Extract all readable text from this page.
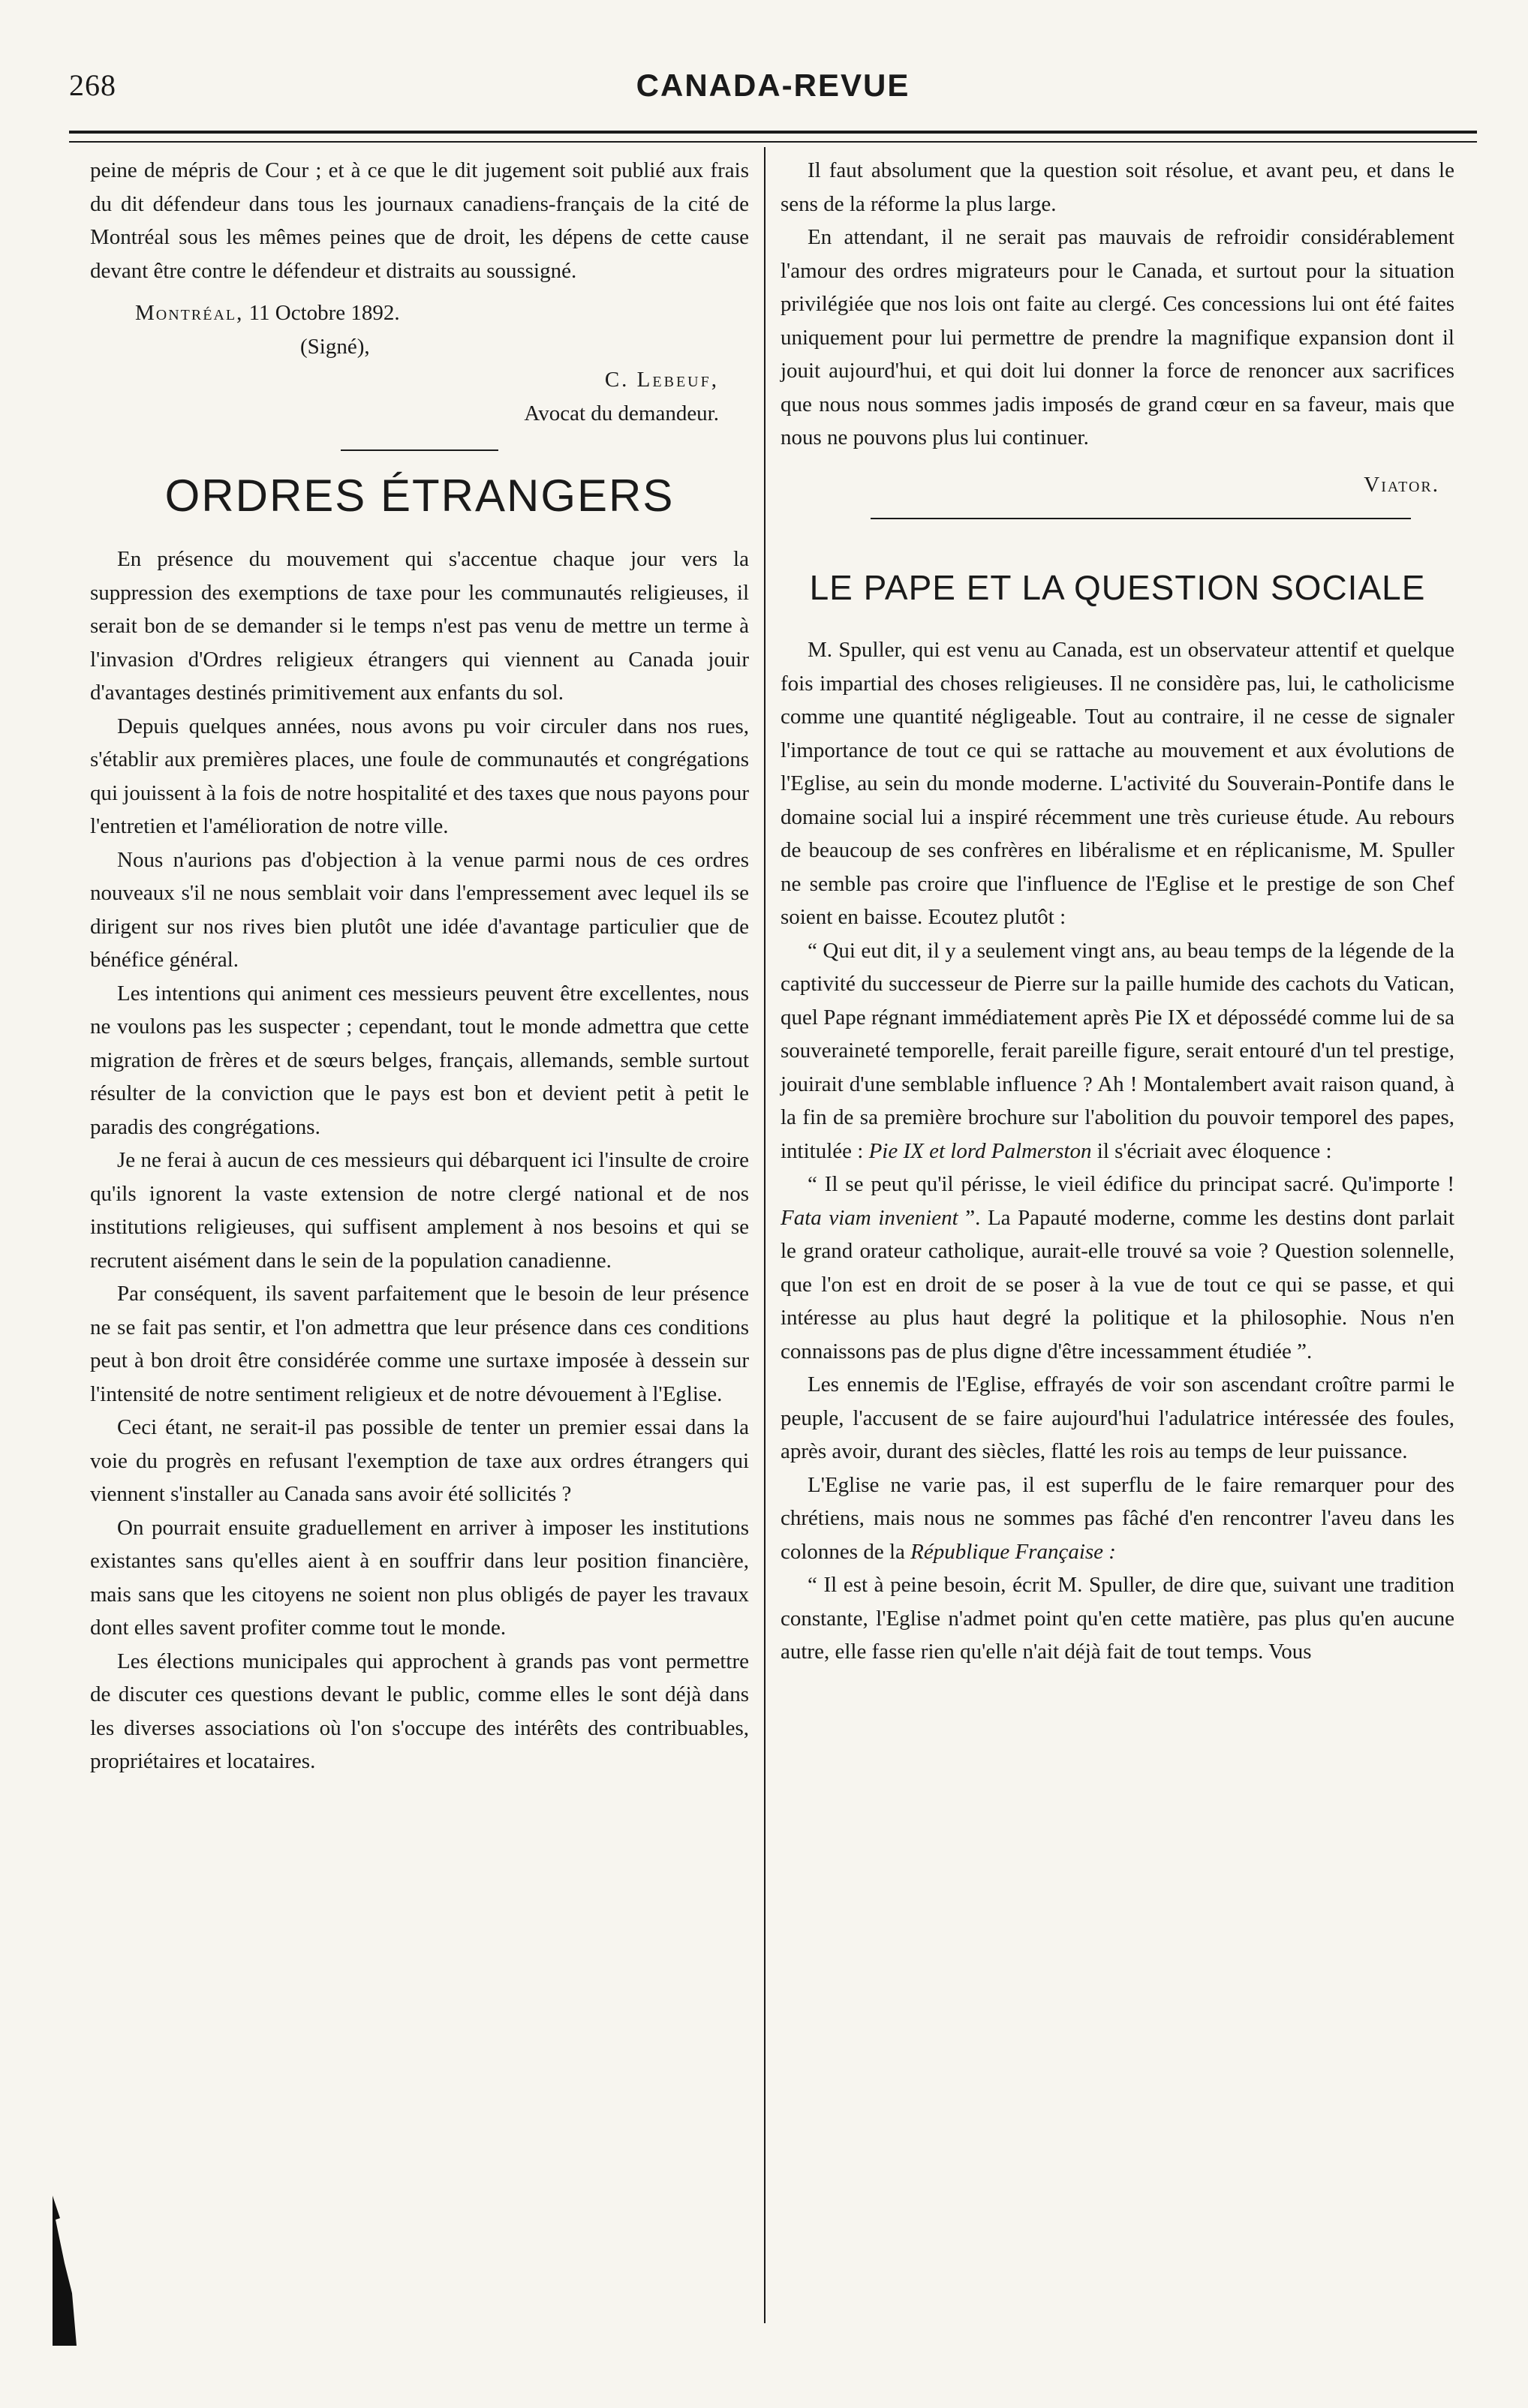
268	CANADA-REVUE

peine de mépris de Cour ; et à ce que le dit jugement soit publié aux frais du dit défendeur dans tous les journaux canadiens-français de la cité de Montréal sous les mêmes peines que de droit, les dépens de cette cause devant être contre le défendeur et distraits au soussigné.

Montréal, 11 Octobre 1892.
(Signé),
C. Lebeuf,
Avocat du demandeur.
ORDRES ÉTRANGERS

En présence du mouvement qui s'accentue chaque jour vers la suppression des exemptions de taxe pour les communautés religieuses, il serait bon de se demander si le temps n'est pas venu de mettre un terme à l'invasion d'Ordres religieux étrangers qui viennent au Canada jouir d'avantages destinés primitivement aux enfants du sol.

Depuis quelques années, nous avons pu voir circuler dans nos rues, s'établir aux premières places, une foule de communautés et congrégations qui jouissent à la fois de notre hospitalité et des taxes que nous payons pour l'entretien et l'amélioration de notre ville.

Nous n'aurions pas d'objection à la venue parmi nous de ces ordres nouveaux s'il ne nous semblait voir dans l'empressement avec lequel ils se dirigent sur nos rives bien plutôt une idée d'avantage particulier que de bénéfice général.

Les intentions qui animent ces messieurs peuvent être excellentes, nous ne voulons pas les suspecter ; cependant, tout le monde admettra que cette migration de frères et de sœurs belges, français, allemands, semble surtout résulter de la conviction que le pays est bon et devient petit à petit le paradis des congrégations.

Je ne ferai à aucun de ces messieurs qui débarquent ici l'insulte de croire qu'ils ignorent la vaste extension de notre clergé national et de nos institutions religieuses, qui suffisent amplement à nos besoins et qui se recrutent aisément dans le sein de la population canadienne.

Par conséquent, ils savent parfaitement que le besoin de leur présence ne se fait pas sentir, et l'on admettra que leur présence dans ces conditions peut à bon droit être considérée comme une surtaxe imposée à dessein sur l'intensité de notre sentiment religieux et de notre dévouement à l'Eglise.

Ceci étant, ne serait-il pas possible de tenter un premier essai dans la voie du progrès en refusant l'exemption de taxe aux ordres étrangers qui viennent s'installer au Canada sans avoir été sollicités ?

On pourrait ensuite graduellement en arriver à imposer les institutions existantes sans qu'elles aient à en souffrir dans leur position financière, mais sans que les citoyens ne soient non plus obligés de payer les travaux dont elles savent profiter comme tout le monde.

Les élections municipales qui approchent à grands pas vont permettre de discuter ces questions devant le public, comme elles le sont déjà dans les diverses associations où l'on s'occupe des intérêts des contribuables, propriétaires et locataires.

Il faut absolument que la question soit résolue, et avant peu, et dans le sens de la réforme la plus large.

En attendant, il ne serait pas mauvais de refroidir considérablement l'amour des ordres migrateurs pour le Canada, et surtout pour la situation privilégiée que nos lois ont faite au clergé. Ces concessions lui ont été faites uniquement pour lui permettre de prendre la magnifique expansion dont il jouit aujourd'hui, et qui doit lui donner la force de renoncer aux sacrifices que nous nous sommes jadis imposés de grand cœur en sa faveur, mais que nous ne pouvons plus lui continuer.

Viator.
LE PAPE ET LA QUESTION SOCIALE

M. Spuller, qui est venu au Canada, est un observateur attentif et quelque fois impartial des choses religieuses. Il ne considère pas, lui, le catholicisme comme une quantité négligeable. Tout au contraire, il ne cesse de signaler l'importance de tout ce qui se rattache au mouvement et aux évolutions de l'Eglise, au sein du monde moderne. L'activité du Souverain-Pontife dans le domaine social lui a inspiré récemment une très curieuse étude. Au rebours de beaucoup de ses confrères en libéralisme et en réplicanisme, M. Spuller ne semble pas croire que l'influence de l'Eglise et le prestige de son Chef soient en baisse. Ecoutez plutôt :

“ Qui eut dit, il y a seulement vingt ans, au beau temps de la légende de la captivité du successeur de Pierre sur la paille humide des cachots du Vatican, quel Pape régnant immédiatement après Pie IX et dépossédé comme lui de sa souveraineté temporelle, ferait pareille figure, serait entouré d'un tel prestige, jouirait d'une semblable influence ? Ah ! Montalembert avait raison quand, à la fin de sa première brochure sur l'abolition du pouvoir temporel des papes, intitulée : Pie IX et lord Palmerston il s'écriait avec éloquence :

“ Il se peut qu'il périsse, le vieil édifice du principat sacré. Qu'importe ! Fata viam invenient ”. La Papauté moderne, comme les destins dont parlait le grand orateur catholique, aurait-elle trouvé sa voie ? Question solennelle, que l'on est en droit de se poser à la vue de tout ce qui se passe, et qui intéresse au plus haut degré la politique et la philosophie. Nous n'en connaissons pas de plus digne d'être incessamment étudiée ”.

Les ennemis de l'Eglise, effrayés de voir son ascendant croître parmi le peuple, l'accusent de se faire aujourd'hui l'adulatrice intéressée des foules, après avoir, durant des siècles, flatté les rois au temps de leur puissance.

L'Eglise ne varie pas, il est superflu de le faire remarquer pour des chrétiens, mais nous ne sommes pas fâché d'en rencontrer l'aveu dans les colonnes de la République Française :

“ Il est à peine besoin, écrit M. Spuller, de dire que, suivant une tradition constante, l'Eglise n'admet point qu'en cette matière, pas plus qu'en aucune autre, elle fasse rien qu'elle n'ait déjà fait de tout temps. Vous
